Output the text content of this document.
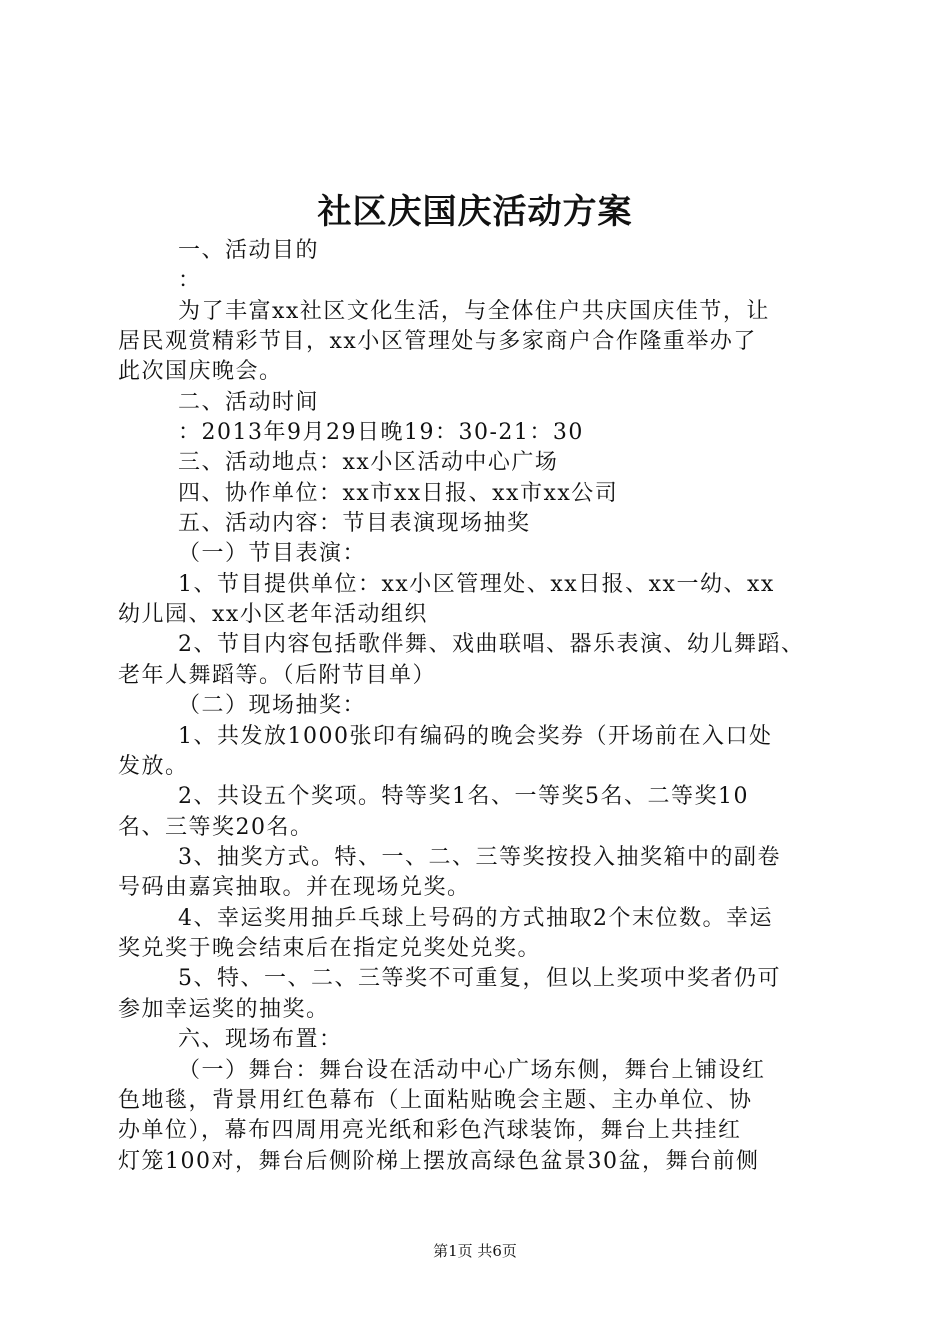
社区庆国庆活动方案
一、活动目的
：
为了丰富xx社区文化生活，与全体住户共庆国庆佳节，让
居民观赏精彩节目，xx小区管理处与多家商户合作隆重举办了
此次国庆晚会。
二、活动时间
：2013年9月29日晚19：30-21：30
三、活动地点：xx小区活动中心广场
四、协作单位：xx市xx日报、xx市xx公司
五、活动内容：节目表演现场抽奖
（一）节目表演：
1、节目提供单位：xx小区管理处、xx日报、xx一幼、xx
幼儿园、xx小区老年活动组织
2、节目内容包括歌伴舞、戏曲联唱、器乐表演、幼儿舞蹈、
老年人舞蹈等。（后附节目单）
（二）现场抽奖：
1、共发放1000张印有编码的晚会奖券（开场前在入口处
发放。
2、共设五个奖项。特等奖1名、一等奖5名、二等奖10
名、三等奖20名。
3、抽奖方式。特、一、二、三等奖按投入抽奖箱中的副卷
号码由嘉宾抽取。并在现场兑奖。
4、幸运奖用抽乒乓球上号码的方式抽取2个末位数。幸运
奖兑奖于晚会结束后在指定兑奖处兑奖。
5、特、一、二、三等奖不可重复，但以上奖项中奖者仍可
参加幸运奖的抽奖。
六、现场布置：
（一）舞台：舞台设在活动中心广场东侧，舞台上铺设红
色地毯，背景用红色幕布（上面粘贴晚会主题、主办单位、协
办单位），幕布四周用亮光纸和彩色汽球装饰，舞台上共挂红
灯笼100对，舞台后侧阶梯上摆放高绿色盆景30盆，舞台前侧
第1页 共6页
